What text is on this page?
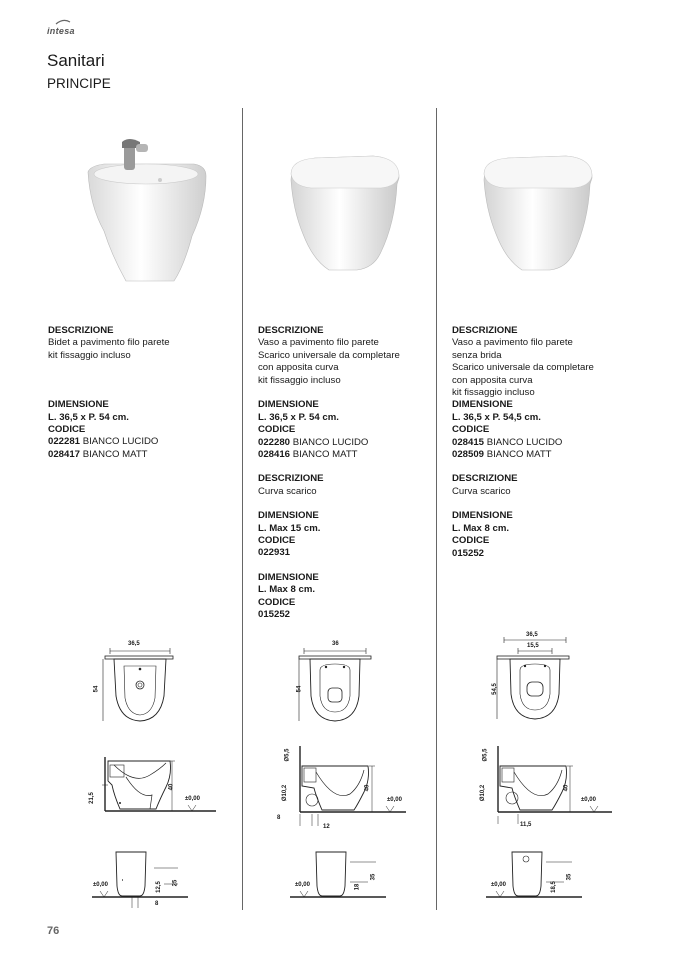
intesa
Sanitari
PRINCIPE
DESCRIZIONE
Bidet a pavimento filo parete
kit fissaggio incluso
DIMENSIONE
L. 36,5 x P. 54 cm.
CODICE
022281 BIANCO LUCIDO
028417 BIANCO MATT
DESCRIZIONE
Vaso a pavimento filo parete
Scarico universale da completare
con apposita curva
kit fissaggio incluso
DIMENSIONE
L. 36,5 x P. 54 cm.
CODICE
022280 BIANCO LUCIDO
028416 BIANCO MATT
DESCRIZIONE
Curva scarico
DIMENSIONE
L. Max 15 cm.
CODICE
022931
DIMENSIONE
L. Max 8 cm.
CODICE
015252
DESCRIZIONE
Vaso a pavimento filo parete
senza brida
Scarico universale da completare
con apposita curva
kit fissaggio incluso
DIMENSIONE
L. 36,5 x P. 54,5 cm.
CODICE
028415 BIANCO LUCIDO
028509 BIANCO MATT
DESCRIZIONE
Curva scarico
DIMENSIONE
L. Max 8 cm.
CODICE
015252
36,5
54
40
21,5	±0,00
±0,00	12,5 25
8
36
54
Ø5,5
Ø10,2	40
±0,00
8
12
±0,00	18
35
36,5
15,5
54,5
Ø5,5
Ø10,2	40
±0,00
11,5
±0,00	18,5
35
76
